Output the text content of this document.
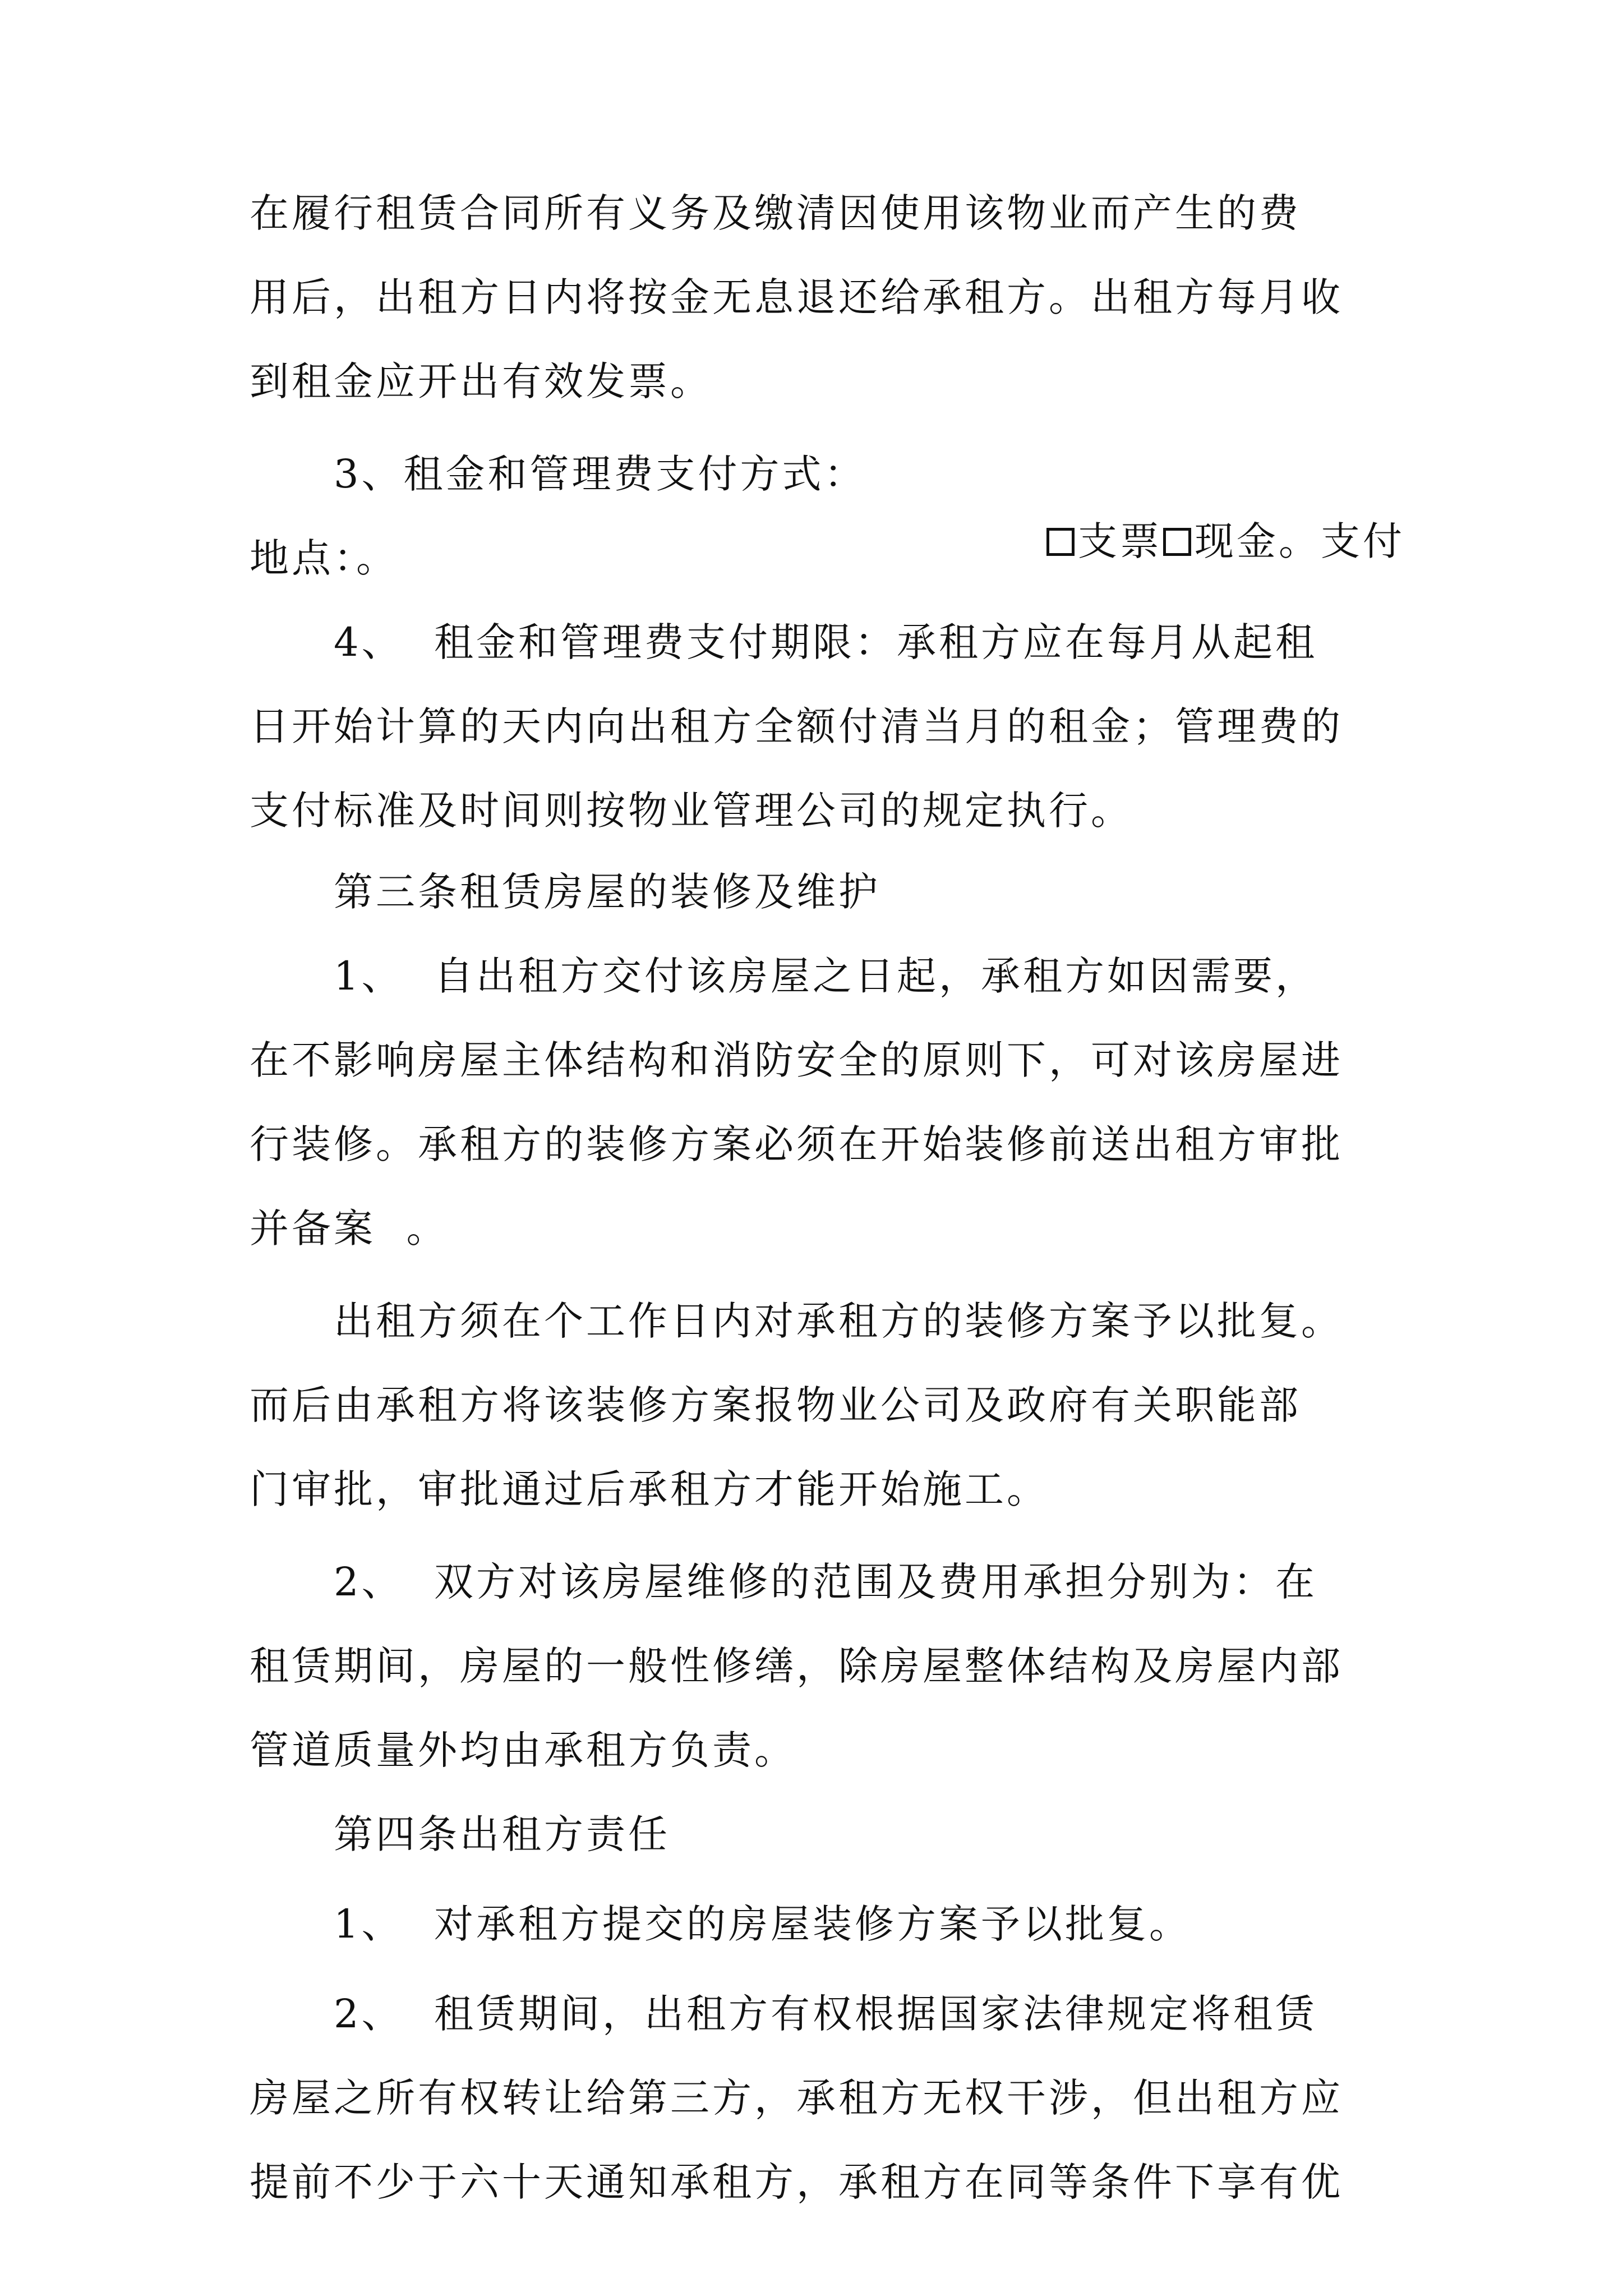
在履行租赁合同所有义务及缴清因使用该物业而产生的费
用后，出租方日内将按金无息退还给承租方。出租方每月收
到租金应开出有效发票。
3、租金和管理费支付方式：

支票 现金。支付

地点：。
4、  租金和管理费支付期限：承租方应在每月从起租
日开始计算的天内向出租方全额付清当月的租金；管理费的
支付标准及时间则按物业管理公司的规定执行。
第三条租赁房屋的装修及维护
1、  自出租方交付该房屋之日起，承租方如因需要，
在不影响房屋主体结构和消防安全的原则下，可对该房屋进
行装修。承租方的装修方案必须在开始装修前送出租方审批
并备案  。
出租方须在个工作日内对承租方的装修方案予以批复。
而后由承租方将该装修方案报物业公司及政府有关职能部
门审批，审批通过后承租方才能开始施工。
2、  双方对该房屋维修的范围及费用承担分别为：在
租赁期间，房屋的一般性修缮，除房屋整体结构及房屋内部
管道质量外均由承租方负责。
第四条出租方责任
1、  对承租方提交的房屋装修方案予以批复。
2、  租赁期间，出租方有权根据国家法律规定将租赁
房屋之所有权转让给第三方，承租方无权干涉，但出租方应
提前不少于六十天通知承租方，承租方在同等条件下享有优
